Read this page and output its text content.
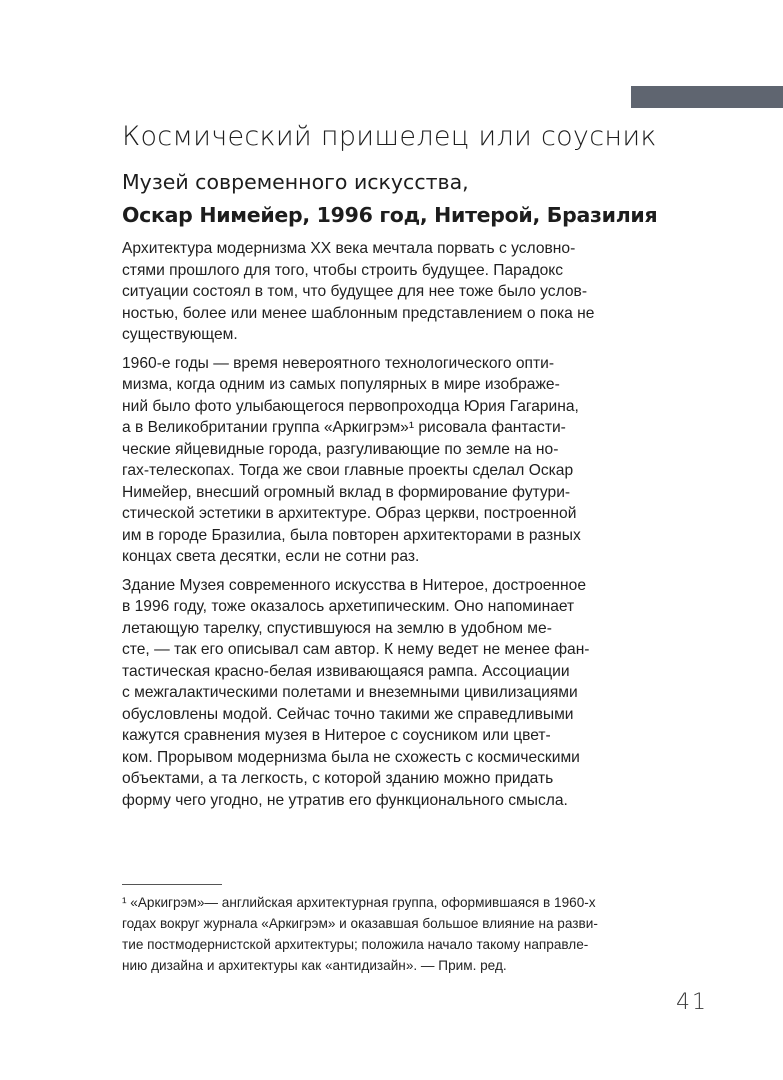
Космический пришелец или соусник
Музей современного искусства,
Оскар Нимейер, 1996 год, Нитерой, Бразилия

Архитектура модернизма XX века мечтала порвать с условно-
стями прошлого для того, чтобы строить будущее. Парадокс
ситуации состоял в том, что будущее для нее тоже было услов-
ностью, более или менее шаблонным представлением о пока не
существующем.

1960-е годы — время невероятного технологического опти-
мизма, когда одним из самых популярных в мире изображе-
ний было фото улыбающегося первопроходца Юрия Гагарина,
а в Великобритании группа «Аркигрэм»¹ рисовала фантасти-
ческие яйцевидные города, разгуливающие по земле на но-
гах-телескопах. Тогда же свои главные проекты сделал Оскар
Нимейер, внесший огромный вклад в формирование футури-
стической эстетики в архитектуре. Образ церкви, построенной
им в городе Бразилиа, была повторен архитекторами в разных
концах света десятки, если не сотни раз.

Здание Музея современного искусства в Нитерое, достроенное
в 1996 году, тоже оказалось архетипическим. Оно напоминает
летающую тарелку, спустившуюся на землю в удобном ме-
сте, — так его описывал сам автор. К нему ведет не менее фан-
тастическая красно-белая извивающаяся рампа. Ассоциации
с межгалактическими полетами и внеземными цивилизациями
обусловлены модой. Сейчас точно такими же справедливыми
кажутся сравнения музея в Нитерое с соусником или цвет-
ком. Прорывом модернизма была не схожесть с космическими
объектами, а та легкость, с которой зданию можно придать
форму чего угодно, не утратив его функционального смысла.

¹ «Аркигрэм»— английская архитектурная группа, оформившаяся в 1960-х
годах вокруг журнала «Аркигрэм» и оказавшая большое влияние на разви-
тие постмодернистской архитектуры; положила начало такому направле-
нию дизайна и архитектуры как «антидизайн». — Прим. ред.
41
